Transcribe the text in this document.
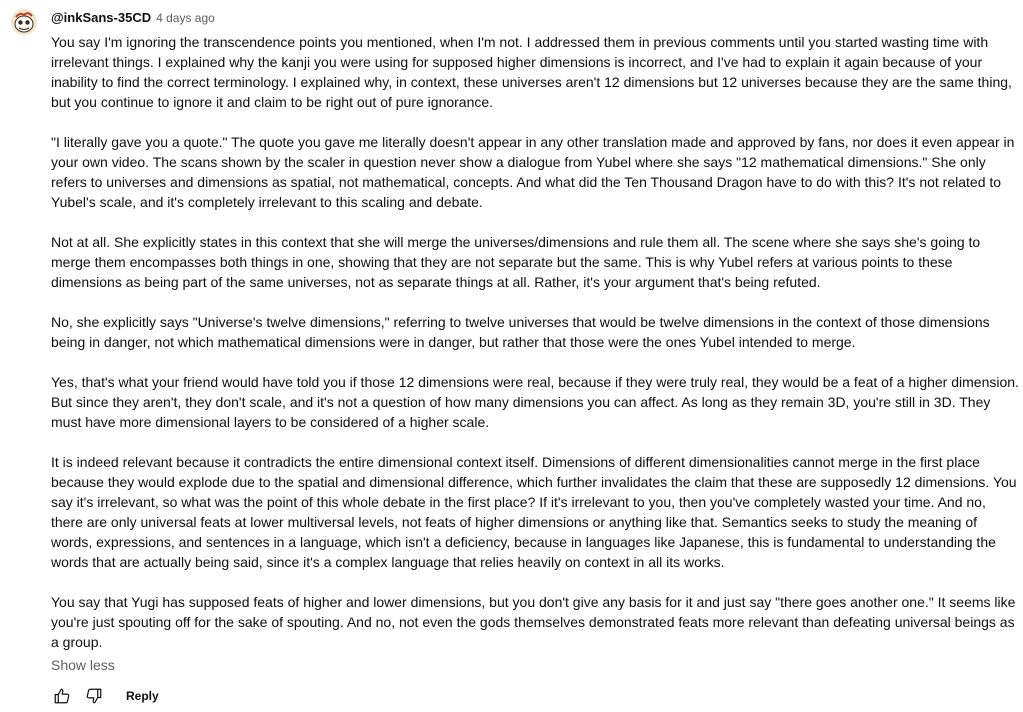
@inkSans-35CD 4 days ago

You say I'm ignoring the transcendence points you mentioned, when I'm not. I addressed them in previous comments until you started wasting time with irrelevant things. I explained why the kanji you were using for supposed higher dimensions is incorrect, and I've had to explain it again because of your inability to find the correct terminology. I explained why, in context, these universes aren't 12 dimensions but 12 universes because they are the same thing, but you continue to ignore it and claim to be right out of pure ignorance.

"I literally gave you a quote." The quote you gave me literally doesn't appear in any other translation made and approved by fans, nor does it even appear in your own video. The scans shown by the scaler in question never show a dialogue from Yubel where she says "12 mathematical dimensions." She only refers to universes and dimensions as spatial, not mathematical, concepts. And what did the Ten Thousand Dragon have to do with this? It's not related to Yubel's scale, and it's completely irrelevant to this scaling and debate.

Not at all. She explicitly states in this context that she will merge the universes/dimensions and rule them all. The scene where she says she's going to merge them encompasses both things in one, showing that they are not separate but the same. This is why Yubel refers at various points to these dimensions as being part of the same universes, not as separate things at all. Rather, it's your argument that's being refuted.

No, she explicitly says "Universe's twelve dimensions," referring to twelve universes that would be twelve dimensions in the context of those dimensions being in danger, not which mathematical dimensions were in danger, but rather that those were the ones Yubel intended to merge.

Yes, that's what your friend would have told you if those 12 dimensions were real, because if they were truly real, they would be a feat of a higher dimension. But since they aren't, they don't scale, and it's not a question of how many dimensions you can affect. As long as they remain 3D, you're still in 3D. They must have more dimensional layers to be considered of a higher scale.

It is indeed relevant because it contradicts the entire dimensional context itself. Dimensions of different dimensionalities cannot merge in the first place because they would explode due to the spatial and dimensional difference, which further invalidates the claim that these are supposedly 12 dimensions. You say it's irrelevant, so what was the point of this whole debate in the first place? If it's irrelevant to you, then you've completely wasted your time. And no, there are only universal feats at lower multiversal levels, not feats of higher dimensions or anything like that. Semantics seeks to study the meaning of words, expressions, and sentences in a language, which isn't a deficiency, because in languages like Japanese, this is fundamental to understanding the words that are actually being said, since it's a complex language that relies heavily on context in all its works.

You say that Yugi has supposed feats of higher and lower dimensions, but you don't give any basis for it and just say "there goes another one." It seems like you're just spouting off for the sake of spouting. And no, not even the gods themselves demonstrated feats more relevant than defeating universal beings as a group.

Show less
Reply
